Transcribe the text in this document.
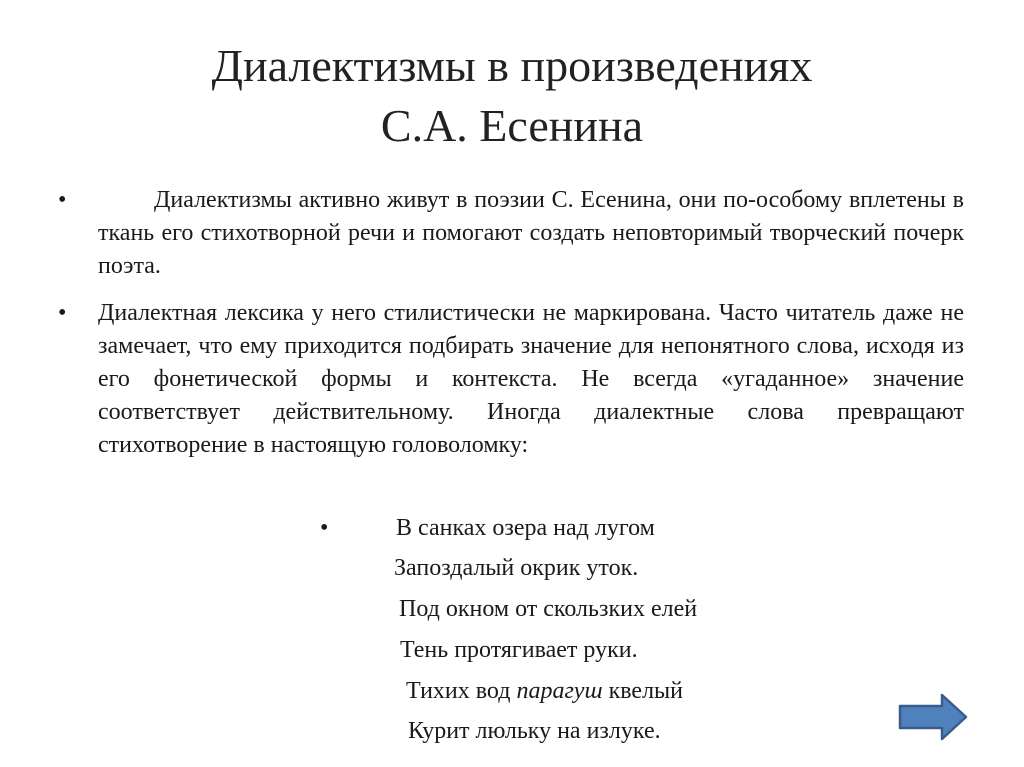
Диалектизмы в произведениях
С.А. Есенина
•	Диалектизмы активно живут в поэзии С. Есенина, они по-особому вплетены в ткань его стихотворной речи и помогают создать неповторимый творческий почерк поэта.
• Диалектная лексика у него стилистически не маркирована. Часто читатель даже не замечает, что ему приходится подбирать значение для непонятного слова, исходя из его фонетической формы и контекста. Не всегда «угаданное» значение соответствует действительному. Иногда диалектные слова превращают стихотворение в настоящую головоломку:
•	В санках озера над лугом
Запоздалый окрик уток.
Под окном от скользких елей
Тень протягивает руки.
Тихих вод парагуш квелый
Курит люльку на излуке.
